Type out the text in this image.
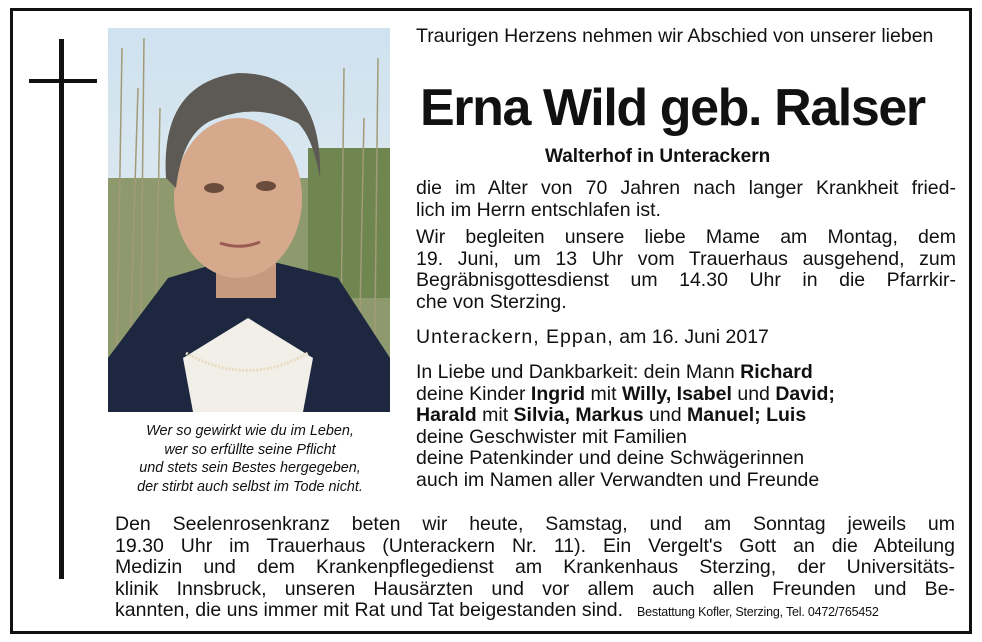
Wer so gewirkt wie du im Leben,
wer so erfüllte seine Pflicht
und stets sein Bestes hergegeben,
der stirbt auch selbst im Tode nicht.
Traurigen Herzens nehmen wir Abschied von unserer lieben
Erna Wild geb. Ralser
Walterhof in Unterackern
die im Alter von 70 Jahren nach langer Krankheit fried-
lich im Herrn entschlafen ist.
Wir begleiten unsere liebe Mame am Montag, dem
19. Juni, um 13 Uhr vom Trauerhaus ausgehend, zum
Begräbnisgottesdienst um 14.30 Uhr in die Pfarrkir-
che von Sterzing.
Unterackern, Eppan, am 16. Juni 2017
In Liebe und Dankbarkeit: dein Mann Richard
deine Kinder Ingrid mit Willy, Isabel und David;
Harald mit Silvia, Markus und Manuel; Luis
deine Geschwister mit Familien
deine Patenkinder und deine Schwägerinnen
auch im Namen aller Verwandten und Freunde
Den Seelenrosenkranz beten wir heute, Samstag, und am Sonntag jeweils um
19.30 Uhr im Trauerhaus (Unterackern Nr. 11). Ein Vergelt's Gott an die Abteilung
Medizin und dem Krankenpflegedienst am Krankenhaus Sterzing, der Universitäts-
klinik Innsbruck, unseren Hausärzten und vor allem auch allen Freunden und Be-
kannten, die uns immer mit Rat und Tat beigestanden sind. Bestattung Kofler, Sterzing, Tel. 0472/765452
